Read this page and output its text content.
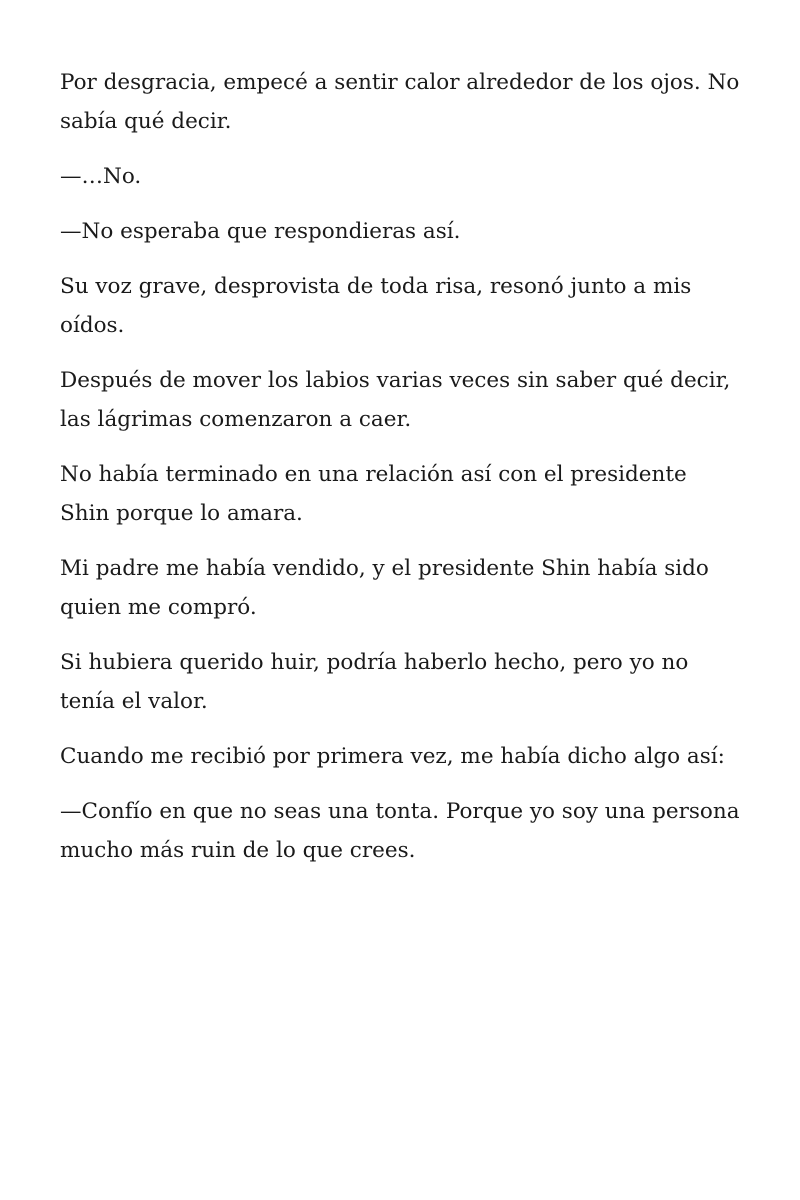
Por desgracia, empecé a sentir calor alrededor de los ojos. No sabía qué decir.

—…No.

—No esperaba que respondieras así.

Su voz grave, desprovista de toda risa, resonó junto a mis oídos.

Después de mover los labios varias veces sin saber qué decir, las lágrimas comenzaron a caer.

No había terminado en una relación así con el presidente Shin porque lo amara.

Mi padre me había vendido, y el presidente Shin había sido quien me compró.

Si hubiera querido huir, podría haberlo hecho, pero yo no tenía el valor.

Cuando me recibió por primera vez, me había dicho algo así:

—Confío en que no seas una tonta. Porque yo soy una persona mucho más ruin de lo que crees.
